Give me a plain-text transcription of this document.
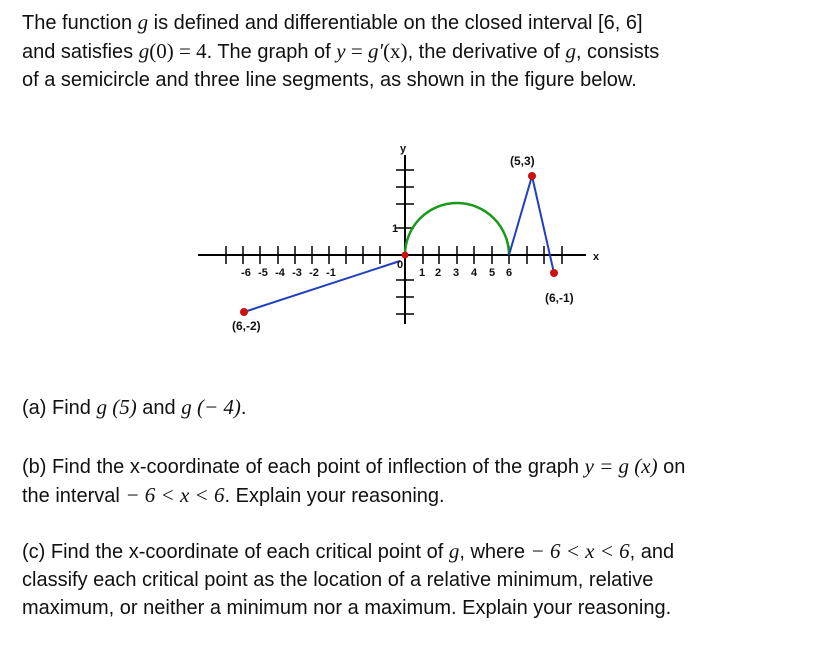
The function g is defined and differentiable on the closed interval [6, 6]
and satisfies g(0) = 4. The graph of y = g′(x), the derivative of g, consists
of a semicircle and three line segments, as shown in the figure below.
-6 -5 -4 -3 -2 -1	1 2 3 4 5 6
x
y
1
0
(6,-2)
(5,3)
(6,-1)
(a) Find g (5) and g (− 4).
(b) Find the x-coordinate of each point of inflection of the graph y = g (x) on
the interval − 6 < x < 6. Explain your reasoning.
(c) Find the x-coordinate of each critical point of g, where − 6 < x < 6, and
classify each critical point as the location of a relative minimum, relative
maximum, or neither a minimum nor a maximum. Explain your reasoning.
